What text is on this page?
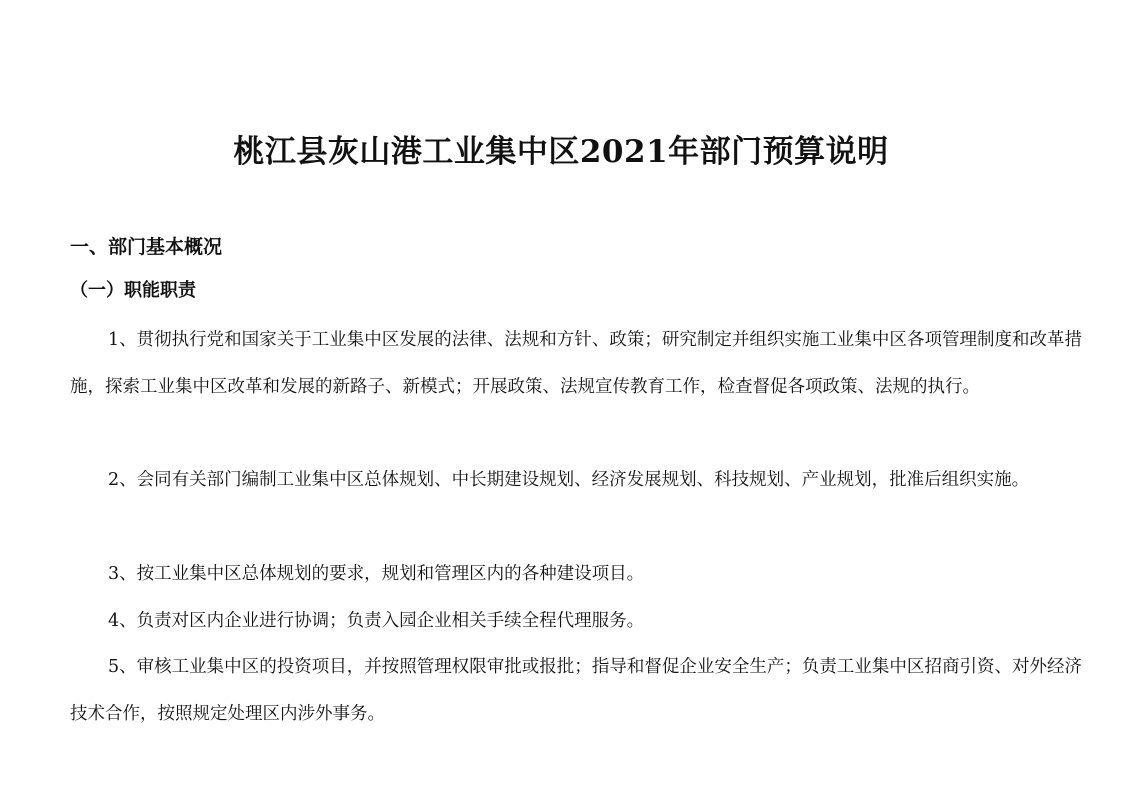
桃江县灰山港工业集中区2021年部门预算说明
一、部门基本概况
（一）职能职责

1、贯彻执行党和国家关于工业集中区发展的法律、法规和方针、政策；研究制定并组织实施工业集中区各项管理制度和改革措施，探索工业集中区改革和发展的新路子、新模式；开展政策、法规宣传教育工作，检查督促各项政策、法规的执行。

2、会同有关部门编制工业集中区总体规划、中长期建设规划、经济发展规划、科技规划、产业规划，批准后组织实施。

3、按工业集中区总体规划的要求，规划和管理区内的各种建设项目。

4、负责对区内企业进行协调；负责入园企业相关手续全程代理服务。

5、审核工业集中区的投资项目，并按照管理权限审批或报批；指导和督促企业安全生产；负责工业集中区招商引资、对外经济技术合作，按照规定处理区内涉外事务。
